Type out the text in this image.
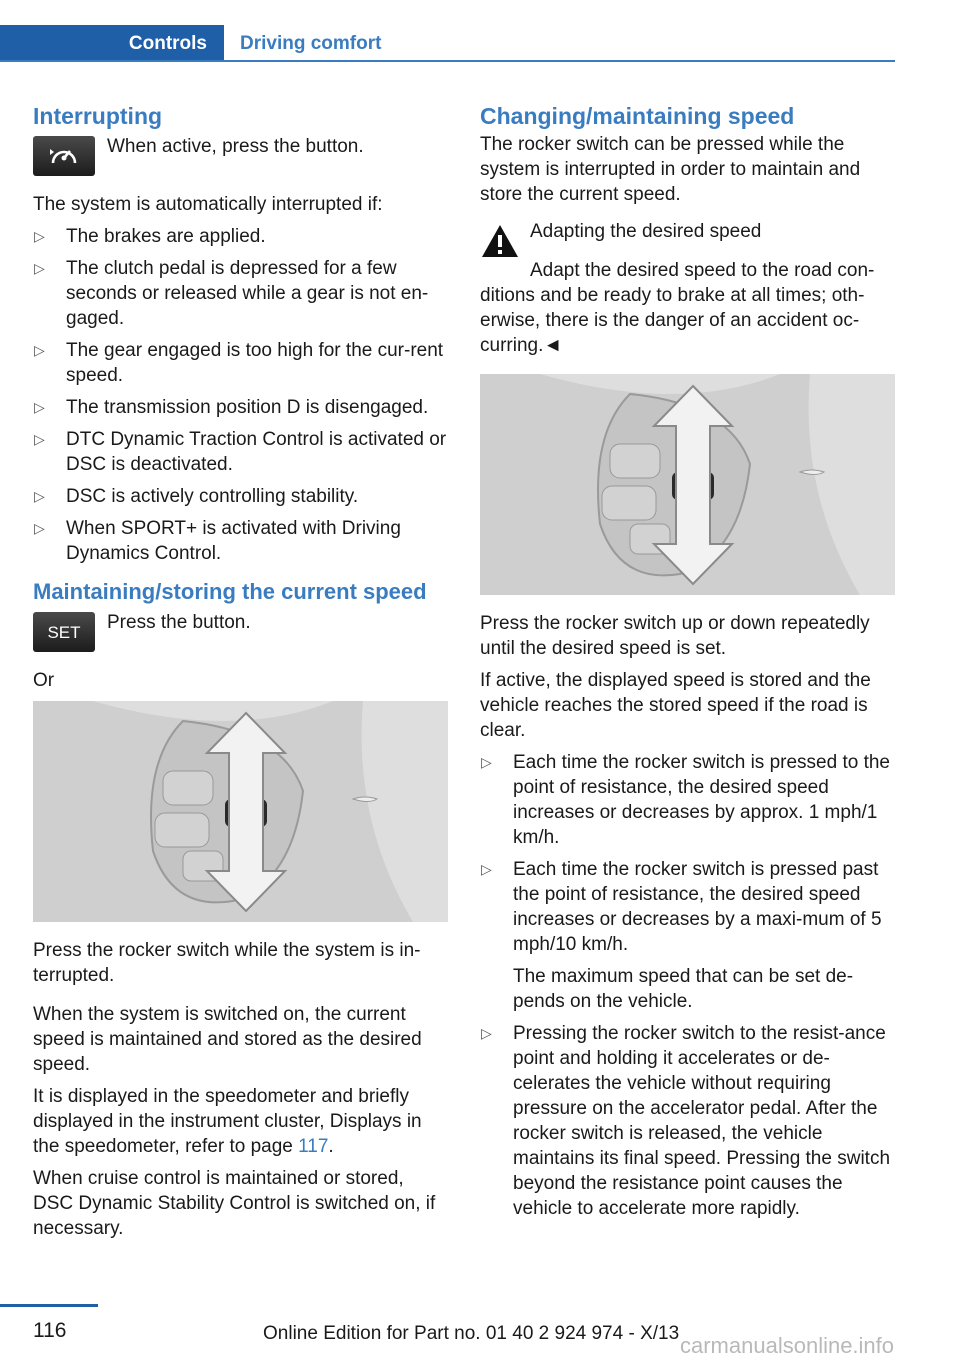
Controls	Driving comfort
Interrupting
When active, press the button.

The system is automatically interrupted if:

▷ The brakes are applied.
▷ The clutch pedal is depressed for a few seconds or released while a gear is not en‐gaged.
▷ The gear engaged is too high for the cur‐rent speed.
▷ The transmission position D is disengaged.
▷ DTC Dynamic Traction Control is activated or DSC is deactivated.
▷ DSC is actively controlling stability.
▷ When SPORT+ is activated with Driving Dynamics Control.
Maintaining/storing the current speed
SET	Press the button.

Or

Press the rocker switch while the system is in‐terrupted.

When the system is switched on, the current speed is maintained and stored as the desired speed.

It is displayed in the speedometer and briefly displayed in the instrument cluster, Displays in the speedometer, refer to page 117.

When cruise control is maintained or stored, DSC Dynamic Stability Control is switched on, if necessary.

Changing/maintaining speed

The rocker switch can be pressed while the system is interrupted in order to maintain and store the current speed.

Adapting the desired speed

Adapt the desired speed to the road con‐ditions and be ready to brake at all times; oth‐erwise, there is the danger of an accident oc‐curring.◄

Press the rocker switch up or down repeatedly until the desired speed is set.

If active, the displayed speed is stored and the vehicle reaches the stored speed if the road is clear.

▷ Each time the rocker switch is pressed to the point of resistance, the desired speed increases or decreases by approx. 1 mph/1 km/h.
▷ Each time the rocker switch is pressed past the point of resistance, the desired speed increases or decreases by a maxi‐mum of 5 mph/10 km/h.
The maximum speed that can be set de‐pends on the vehicle.
▷ Pressing the rocker switch to the resist‐ance point and holding it accelerates or de‐celerates the vehicle without requiring pressure on the accelerator pedal. After the rocker switch is released, the vehicle maintains its final speed. Pressing the switch beyond the resistance point causes the vehicle to accelerate more rapidly.
116	Online Edition for Part no. 01 40 2 924 974 - X/13 carmanualsonline.info
